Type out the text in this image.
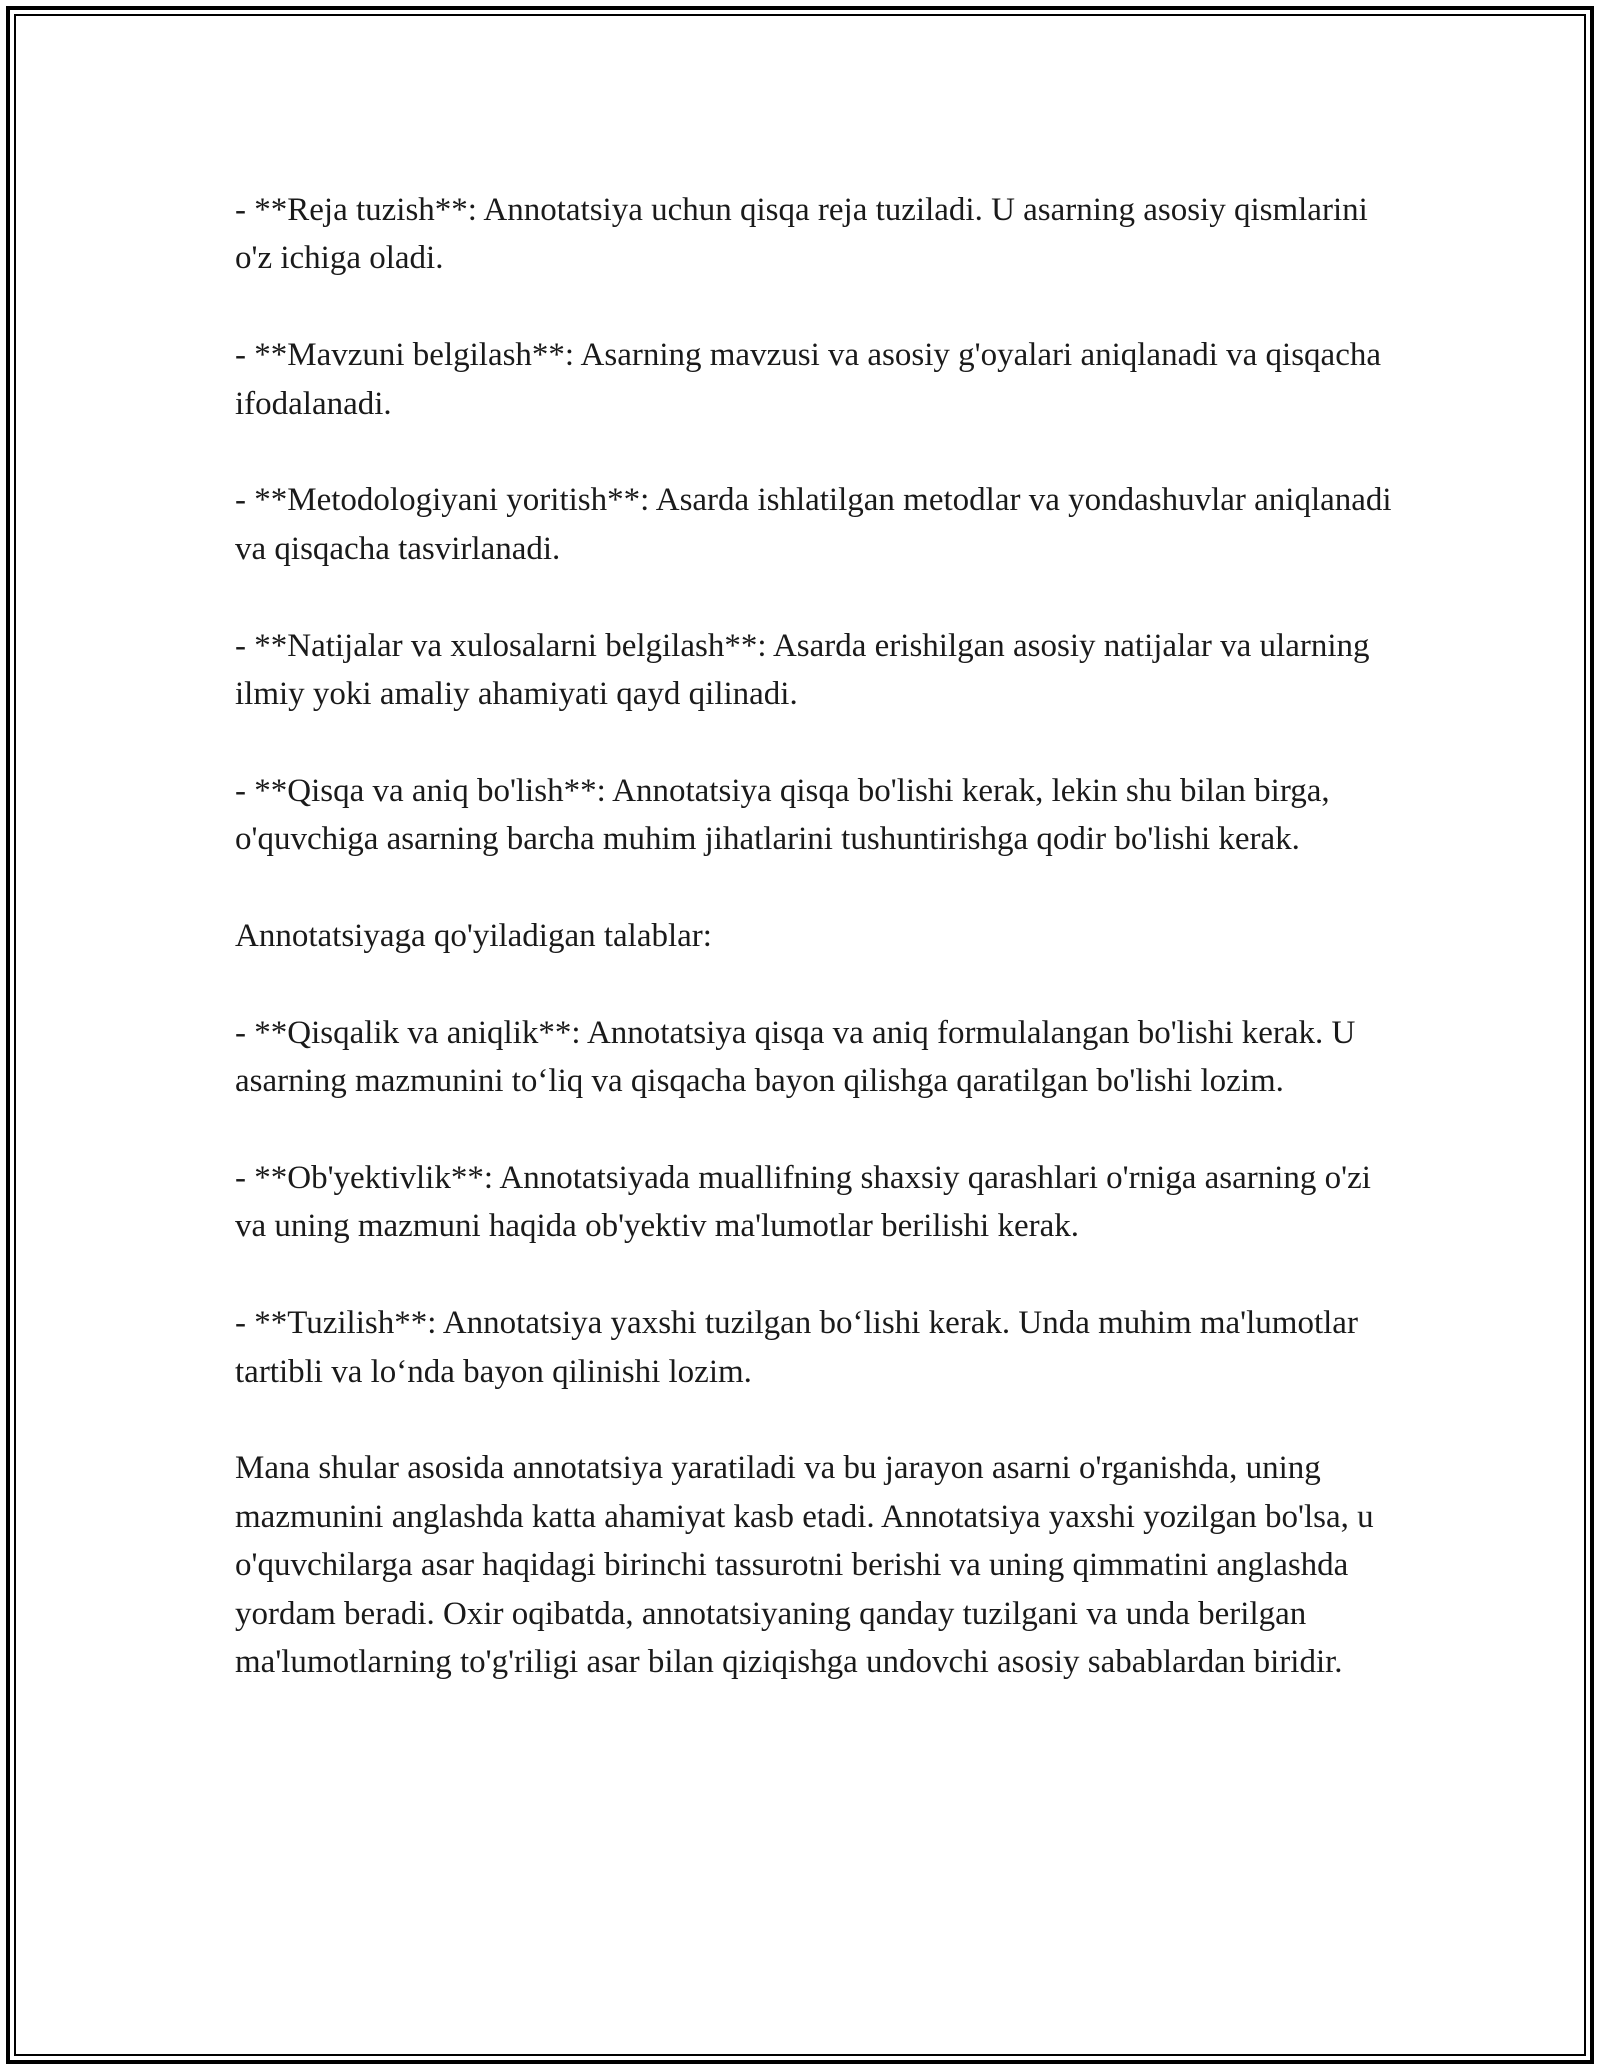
- **Reja tuzish**: Annotatsiya uchun qisqa reja tuziladi. U asarning asosiy qismlarini o'z ichiga oladi.

- **Mavzuni belgilash**: Asarning mavzusi va asosiy g'oyalari aniqlanadi va qisqacha ifodalanadi.

- **Metodologiyani yoritish**: Asarda ishlatilgan metodlar va yondashuvlar aniqlanadi va qisqacha tasvirlanadi.

- **Natijalar va xulosalarni belgilash**: Asarda erishilgan asosiy natijalar va ularning ilmiy yoki amaliy ahamiyati qayd qilinadi.

- **Qisqa va aniq bo'lish**: Annotatsiya qisqa bo'lishi kerak, lekin shu bilan birga, o'quvchiga asarning barcha muhim jihatlarini tushuntirishga qodir bo'lishi kerak.

Annotatsiyaga qo'yiladigan talablar:

- **Qisqalik va aniqlik**: Annotatsiya qisqa va aniq formulalangan bo'lishi kerak. U asarning mazmunini to‘liq va qisqacha bayon qilishga qaratilgan bo'lishi lozim.

- **Ob'yektivlik**: Annotatsiyada muallifning shaxsiy qarashlari o'rniga asarning o'zi va uning mazmuni haqida ob'yektiv ma'lumotlar berilishi kerak.

- **Tuzilish**: Annotatsiya yaxshi tuzilgan bo‘lishi kerak. Unda muhim ma'lumotlar tartibli va lo‘nda bayon qilinishi lozim.

Mana shular asosida annotatsiya yaratiladi va bu jarayon asarni o'rganishda, uning mazmunini anglashda katta ahamiyat kasb etadi. Annotatsiya yaxshi yozilgan bo'lsa, u o'quvchilarga asar haqidagi birinchi tassurotni berishi va uning qimmatini anglashda yordam beradi. Oxir oqibatda, annotatsiyaning qanday tuzilgani va unda berilgan ma'lumotlarning to'g'riligi asar bilan qiziqishga undovchi asosiy sabablardan biridir.
